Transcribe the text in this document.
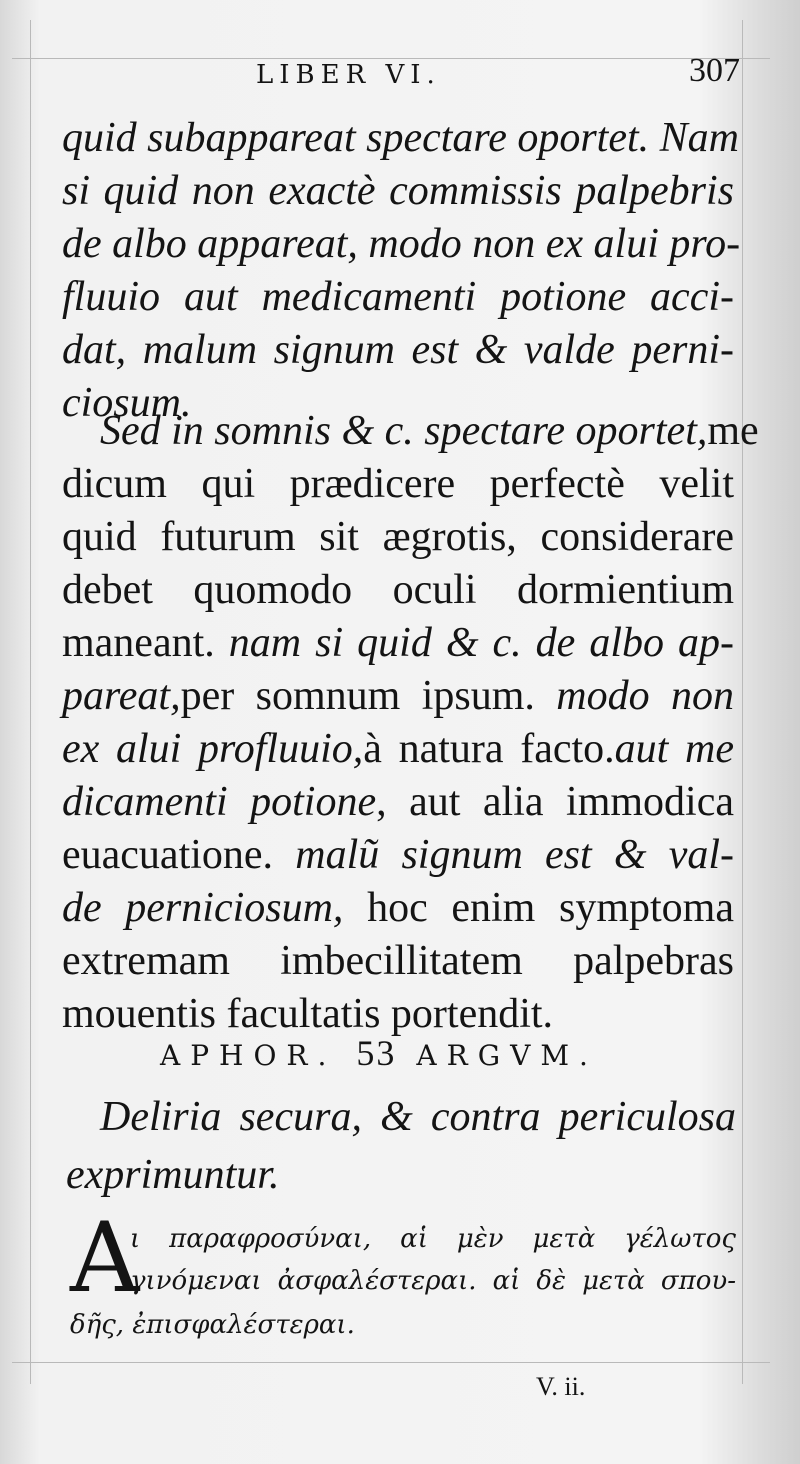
LIBER VI.	307
quid subappareat spectare oportet. Nam
si quid non exactè commissis palpebris
de albo appareat, modo non ex alui pro-
fluuio aut medicamenti potione acci-
dat, malum signum est & valde perni-
ciosum.
Sed in somnis & c. spectare oportet,me
dicum qui prædicere perfectè velit
quid futurum sit ægrotis, considerare
debet quomodo oculi dormientium
maneant. nam si quid & c. de albo ap-
pareat,per somnum ipsum. modo non
ex alui profluuio,à natura facto.aut me
dicamenti potione, aut alia immodica
euacuatione. malũ signum est & val-
de perniciosum, hoc enim symptoma
extremam imbecillitatem palpebras
mouentis facultatis portendit.
APHOR. 53 ARGVM.
Deliria secura, & contra periculosa
exprimuntur.
A
ι παραφροσύναι, αἱ μὲν μετὰ γέλωτος
γινόμεναι ἀσφαλέστεραι. αἱ δὲ μετὰ σπου-
δῆς, ἐπισφαλέστεραι.
V. ii.
